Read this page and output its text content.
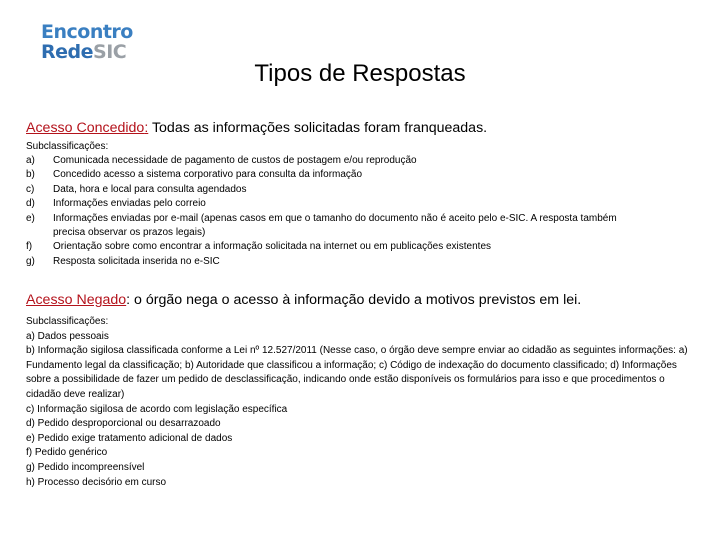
Encontro
RedeSIC
Tipos de Respostas
Acesso Concedido: Todas as informações solicitadas foram franqueadas.
Subclassificações:
a)	Comunicada necessidade de pagamento de custos de postagem e/ou reprodução
b)	Concedido acesso a sistema corporativo para consulta da informação
c)	Data, hora e local para consulta agendados
d)	Informações enviadas pelo correio
e)	Informações enviadas por e-mail (apenas casos em que o tamanho do documento não é aceito pelo e-SIC. A resposta também precisa observar os prazos legais)
f)	Orientação sobre como encontrar a informação solicitada na internet ou em publicações existentes
g)	Resposta solicitada inserida no e-SIC
Acesso Negado: o órgão nega o acesso à informação devido a motivos previstos em lei.
Subclassificações:
a) Dados pessoais
b) Informação sigilosa classificada conforme a Lei nº 12.527/2011 (Nesse caso, o órgão deve sempre enviar ao cidadão as seguintes informações: a) Fundamento legal da classificação; b) Autoridade que classificou a informação; c) Código de indexação do documento classificado; d) Informações sobre a possibilidade de fazer um pedido de desclassificação, indicando onde estão disponíveis os formulários para isso e que procedimentos o cidadão deve realizar)
c) Informação sigilosa de acordo com legislação específica
d) Pedido desproporcional ou desarrazoado
e) Pedido exige tratamento adicional de dados
f) Pedido genérico
g) Pedido incompreensível
h) Processo decisório em curso
